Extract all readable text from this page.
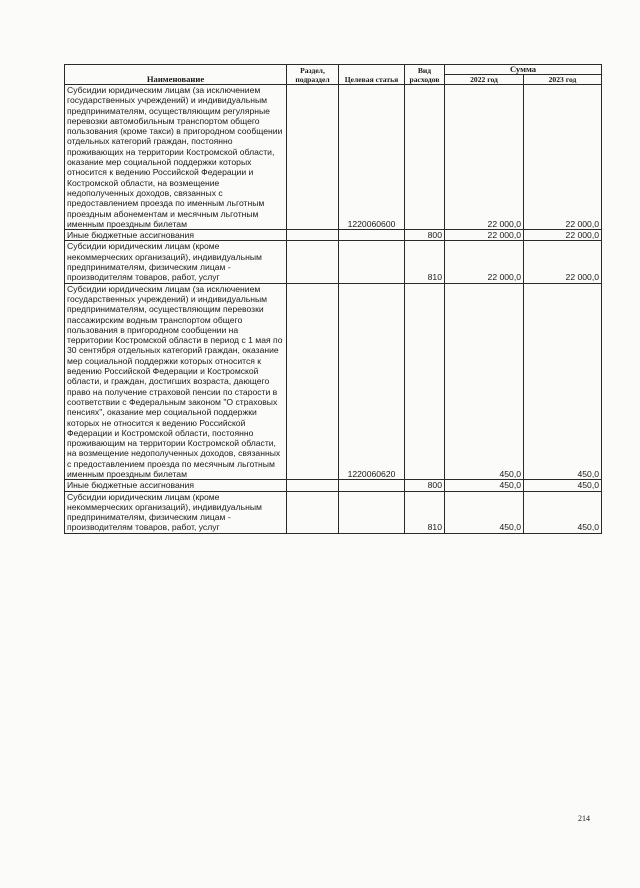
Наименование	Раздел, подраздел	Целевая статья	Вид расходов	Сумма	
				2022 год	2023 год
Субсидии юридическим лицам (за исключением государственных учреждений) и индивидуальным предпринимателям, осуществляющим регулярные перевозки автомобильным транспортом общего пользования (кроме такси) в пригородном сообщении отдельных категорий граждан, постоянно проживающих на территории Костромской области, оказание мер социальной поддержки которых относится к ведению Российской Федерации и Костромской области, на возмещение недополученных доходов, связанных с предоставлением проезда по именным льготным проездным абонементам и месячным льготным именным проездным билетам		1220060600		22 000,0	22 000,0
Иные бюджетные ассигнования			800	22 000,0	22 000,0
Субсидии юридическим лицам (кроме некоммерческих организаций), индивидуальным предпринимателям, физическим лицам - производителям товаров, работ, услуг			810	22 000,0	22 000,0
Субсидии юридическим лицам (за исключением государственных учреждений) и индивидуальным предпринимателям, осуществляющим перевозки пассажирским водным транспортом общего пользования в пригородном сообщении на территории Костромской области в период с 1 мая по 30 сентября отдельных категорий граждан, оказание мер социальной поддержки которых относится к ведению Российской Федерации и Костромской области, и граждан, достигших возраста, дающего право на получение страховой пенсии по старости в соответствии с Федеральным законом "О страховых пенсиях", оказание мер социальной поддержки которых не относится к ведению Российской Федерации и Костромской области, постоянно проживающим на территории Костромской области, на возмещение недополученных доходов, связанных с предоставлением проезда по месячным льготным именным проездным билетам		1220060620		450,0	450,0
Иные бюджетные ассигнования			800	450,0	450,0
Субсидии юридическим лицам (кроме некоммерческих организаций), индивидуальным предпринимателям, физическим лицам - производителям товаров, работ, услуг			810	450,0	450,0
214
